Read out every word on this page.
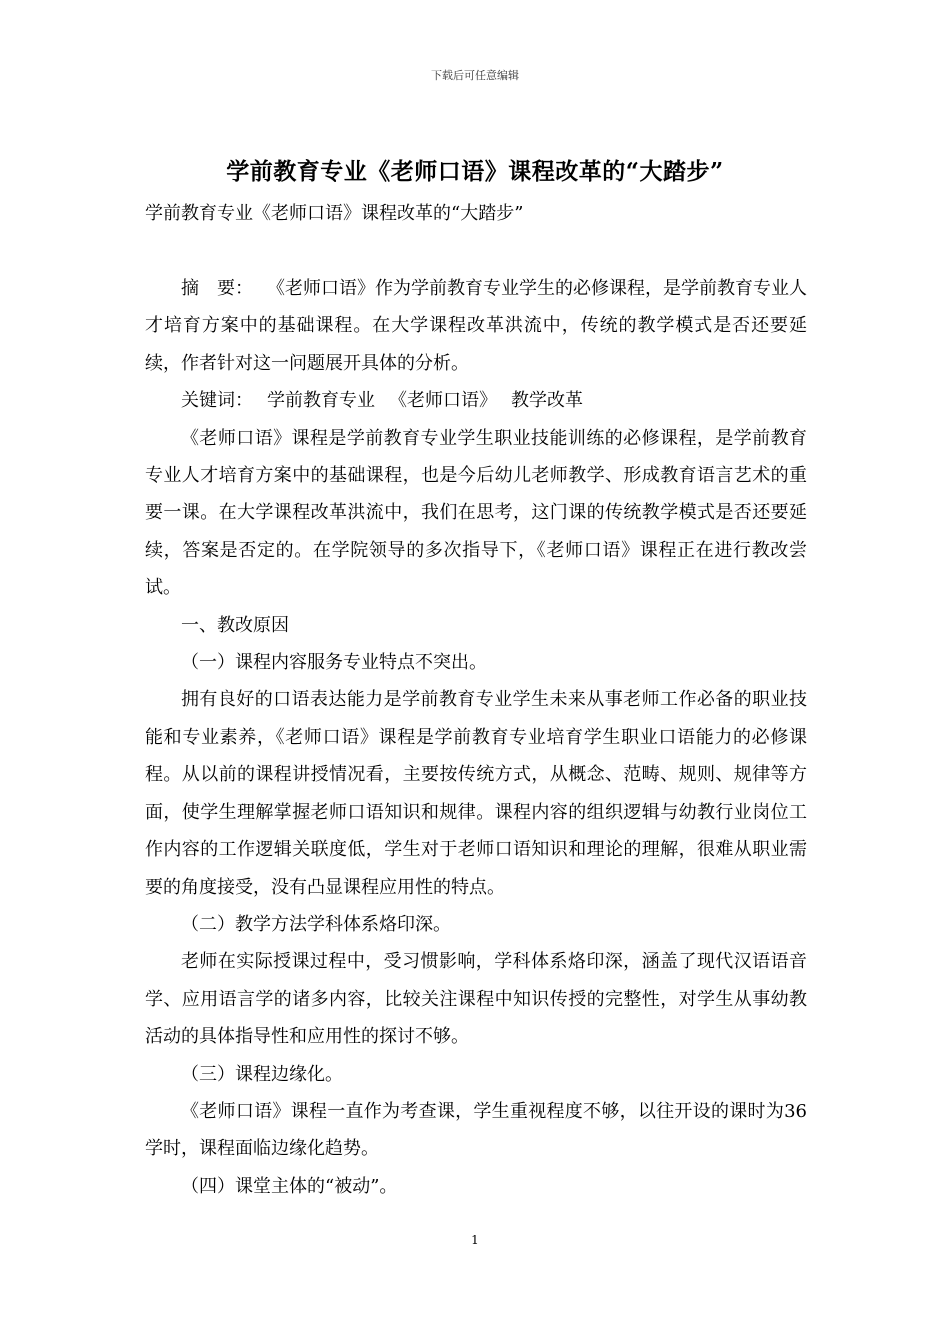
下载后可任意编辑
学前教育专业《老师口语》课程改革的“大踏步”
学前教育专业《老师口语》课程改革的“大踏步”

摘　要： 《老师口语》作为学前教育专业学生的必修课程，是学前教育专业人才培育方案中的基础课程。在大学课程改革洪流中，传统的教学模式是否还要延续，作者针对这一问题展开具体的分析。

关键词： 学前教育专业 《老师口语》 教学改革

《老师口语》课程是学前教育专业学生职业技能训练的必修课程，是学前教育专业人才培育方案中的基础课程，也是今后幼儿老师教学、形成教育语言艺术的重要一课。在大学课程改革洪流中，我们在思考，这门课的传统教学模式是否还要延续，答案是否定的。在学院领导的多次指导下，《老师口语》课程正在进行教改尝试。

一、教改原因

（一）课程内容服务专业特点不突出。

拥有良好的口语表达能力是学前教育专业学生未来从事老师工作必备的职业技能和专业素养，《老师口语》课程是学前教育专业培育学生职业口语能力的必修课程。从以前的课程讲授情况看，主要按传统方式，从概念、范畴、规则、规律等方面，使学生理解掌握老师口语知识和规律。课程内容的组织逻辑与幼教行业岗位工作内容的工作逻辑关联度低，学生对于老师口语知识和理论的理解，很难从职业需要的角度接受，没有凸显课程应用性的特点。

（二）教学方法学科体系烙印深。

老师在实际授课过程中，受习惯影响，学科体系烙印深，涵盖了现代汉语语音学、应用语言学的诸多内容，比较关注课程中知识传授的完整性，对学生从事幼教活动的具体指导性和应用性的探讨不够。

（三）课程边缘化。

《老师口语》课程一直作为考查课，学生重视程度不够，以往开设的课时为36学时，课程面临边缘化趋势。

（四）课堂主体的“被动”。

1
